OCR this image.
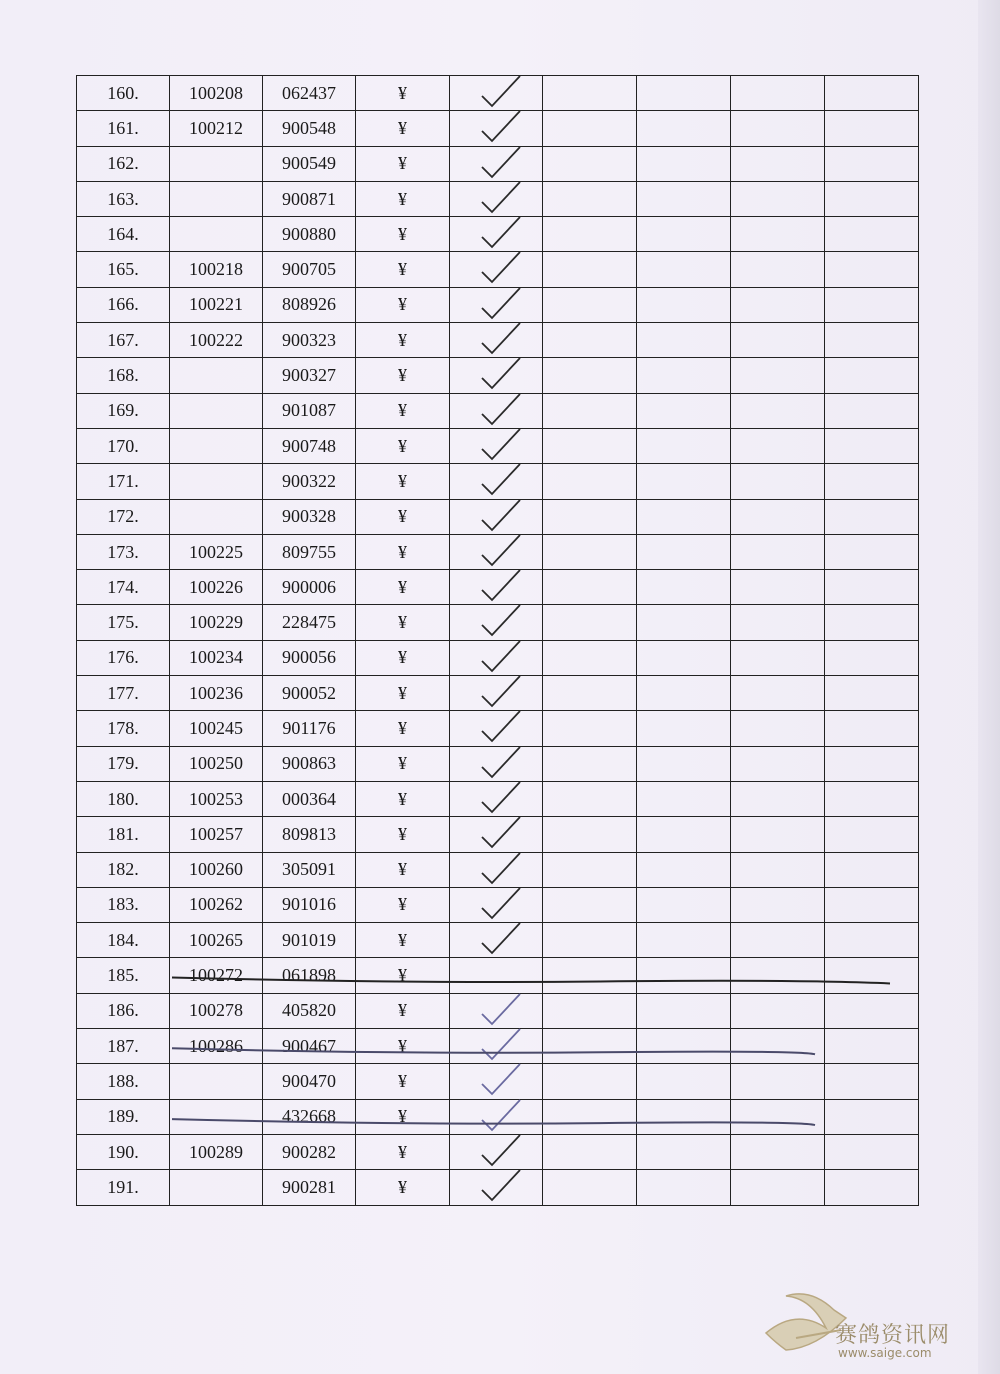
160.	100208	062437	¥	

161.	100212	900548	¥	

162.		900549	¥	

163.		900871	¥	

164.		900880	¥	

165.	100218	900705	¥	

166.	100221	808926	¥	

167.	100222	900323	¥	

168.		900327	¥	

169.		901087	¥	

170.		900748	¥	

171.		900322	¥	

172.		900328	¥	

173.	100225	809755	¥	

174.	100226	900006	¥	

175.	100229	228475	¥	

176.	100234	900056	¥	

177.	100236	900052	¥	

178.	100245	901176	¥	

179.	100250	900863	¥	

180.	100253	000364	¥	

181.	100257	809813	¥	

182.	100260	305091	¥	

183.	100262	901016	¥	

184.	100265	901019	¥	

185.	100272	061898	¥					
186.	100278	405820	¥	

187.	100286	900467	¥	

188.		900470	¥	

189.		432668	¥	

190.	100289	900282	¥	

191.		900281	¥	

赛鸽资讯网
www.saige.com
